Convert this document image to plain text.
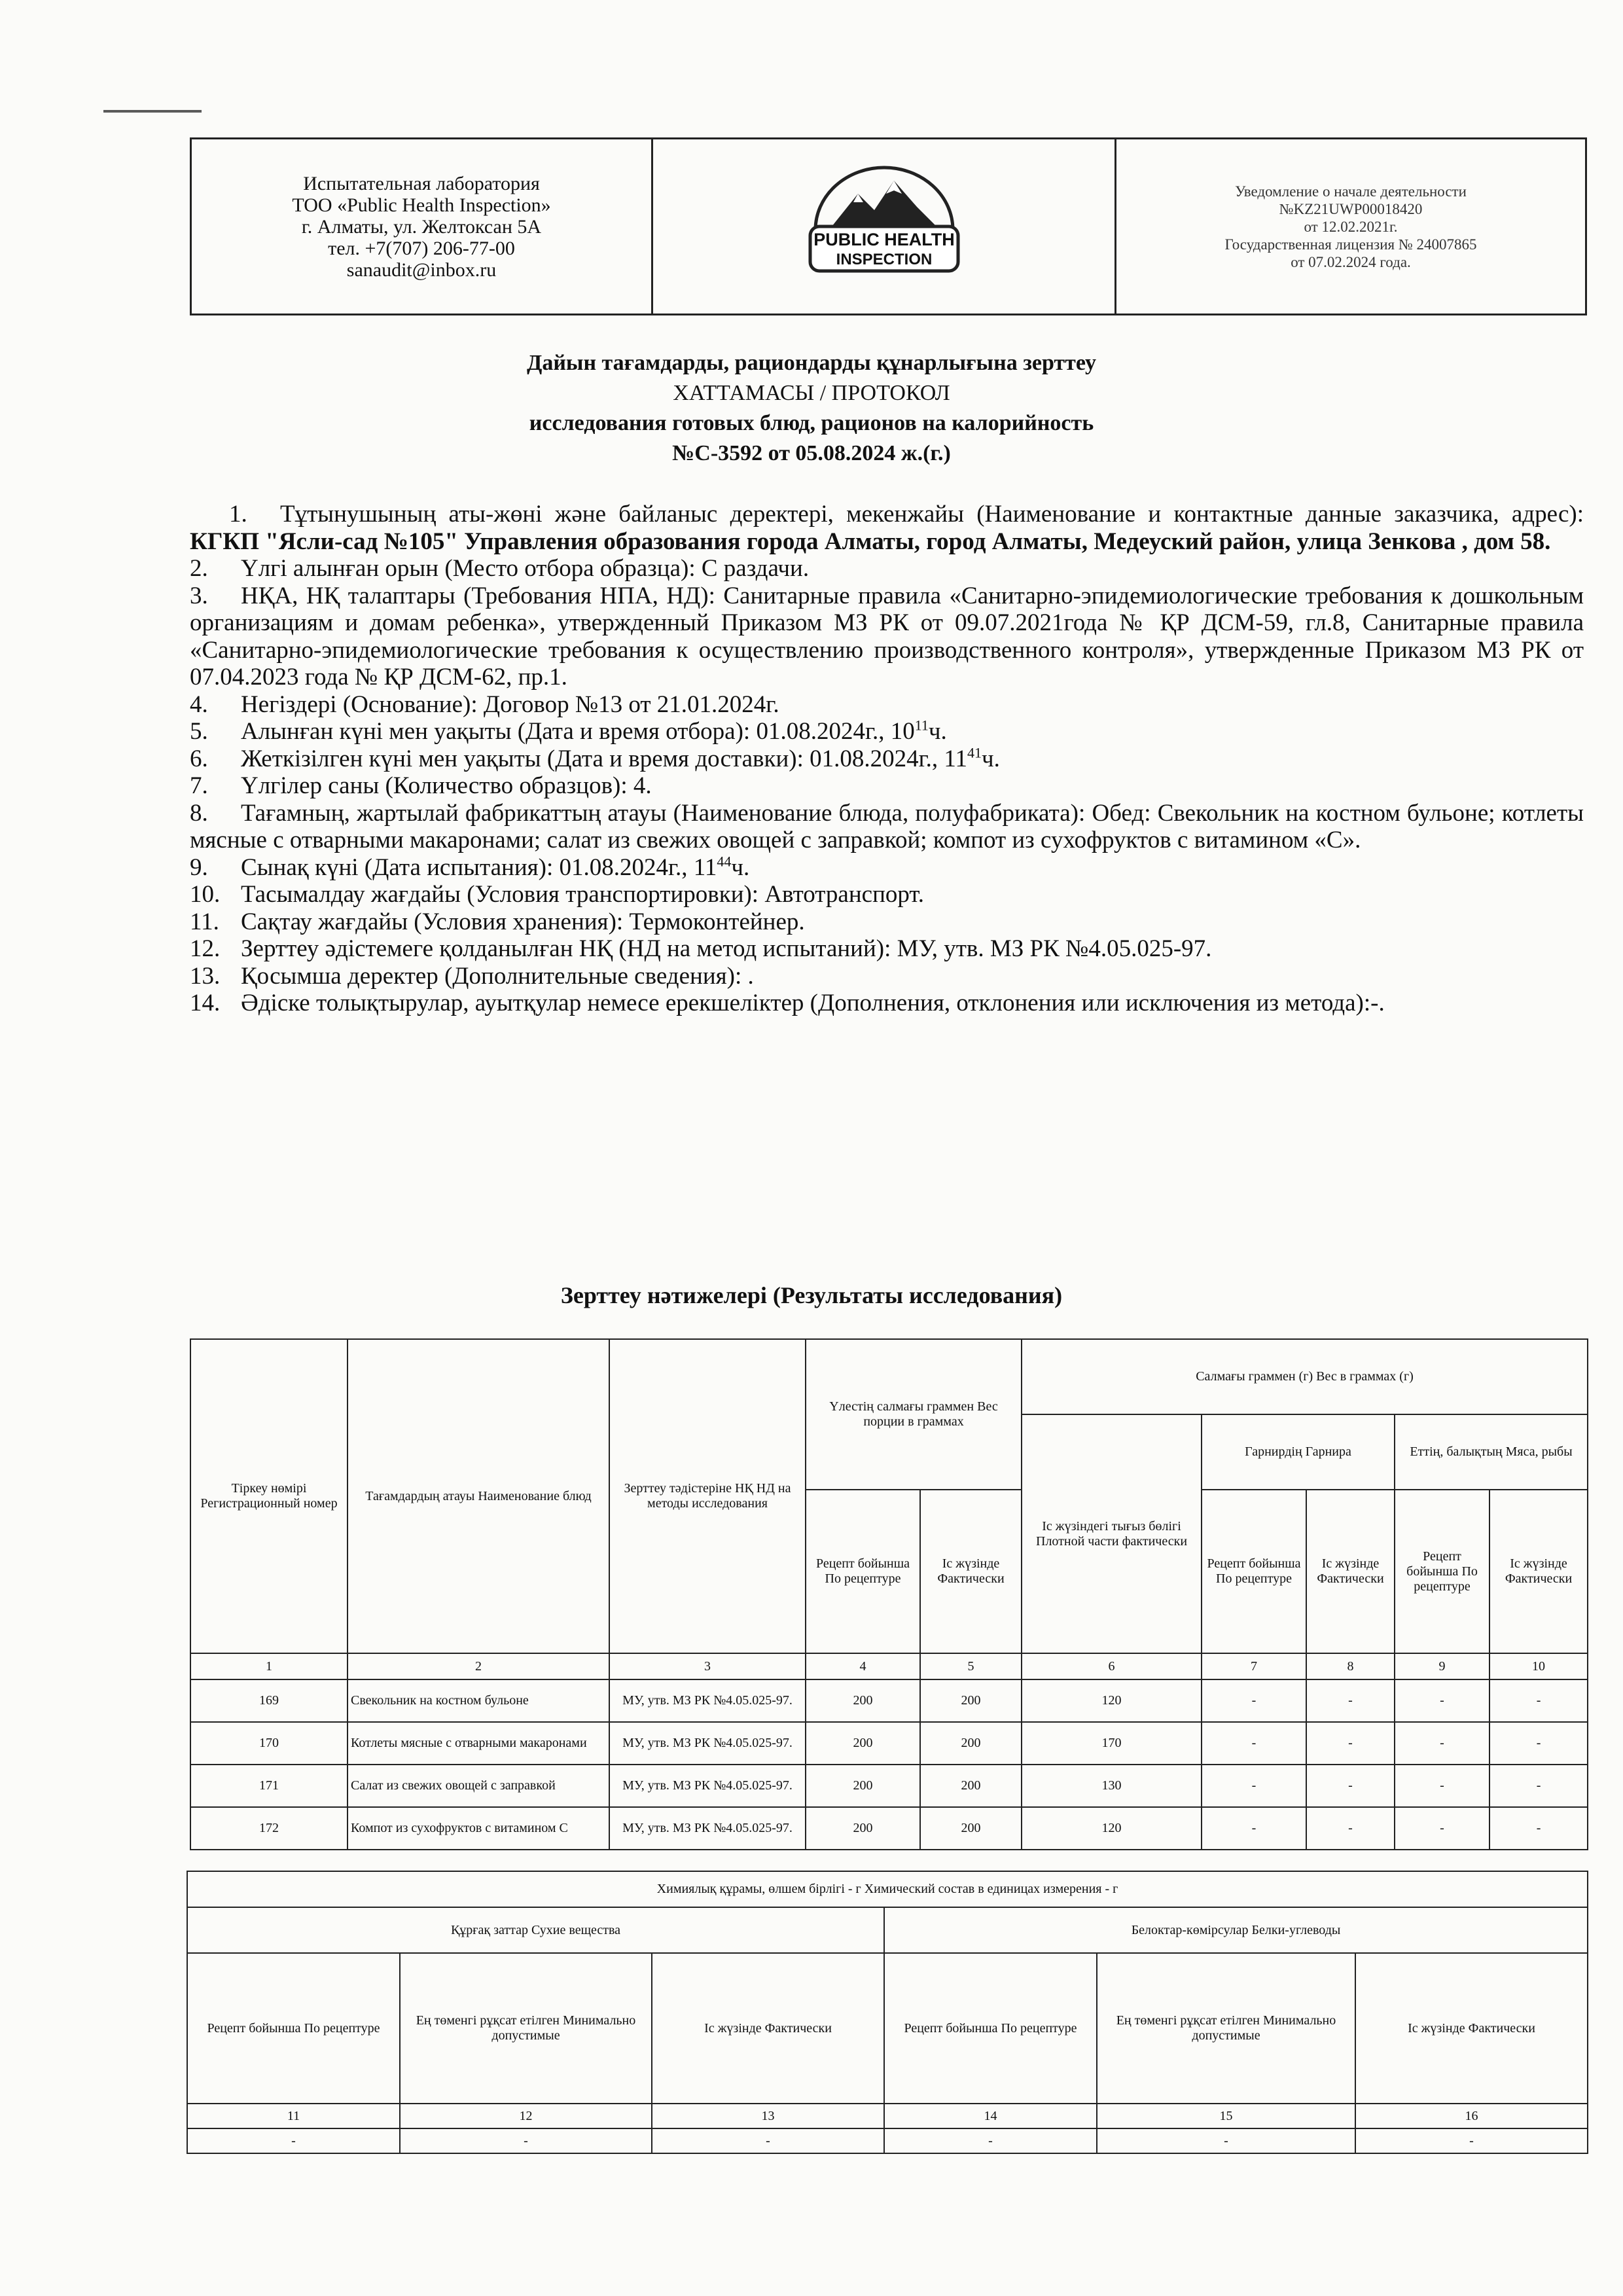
Испытательная лаборатория
ТОО «Public Health Inspection»
г. Алматы, ул. Желтоксан 5А
тел. +7(707) 206-77-00
sanaudit@inbox.ru
PUBLIC HEALTH
INSPECTION
Уведомление о начале деятельности
№KZ21UWP00018420
от 12.02.2021г.
Государственная лицензия № 24007865
от 07.02.2024 года.
Дайын тағамдарды, рациондарды құнарлығына зерттеу
ХАТТАМАСЫ / ПРОТОКОЛ
исследования готовых блюд, рационов на калорийность
№С-3592 от 05.08.2024 ж.(г.)

1. Тұтынушының аты-жөні және байланыс деректері, мекенжайы (Наименование и контактные данные заказчика, адрес): КГКП "Ясли-сад №105" Управления образования города Алматы, город Алматы, Медеуский район, улица Зенкова , дом 58.

2. Үлгі алынған орын (Место отбора образца): С раздачи.

3. НҚА, НҚ талаптары (Требования НПА, НД): Санитарные правила «Санитарно-эпидемиологические требования к дошкольным организациям и домам ребенка», утвержденный Приказом МЗ РК от 09.07.2021года № ҚР ДСМ-59, гл.8, Санитарные правила «Санитарно-эпидемиологические требования к осуществлению производственного контроля», утвержденные Приказом МЗ РК от 07.04.2023 года № ҚР ДСМ-62, пр.1.

4. Негіздері (Основание): Договор №13 от 21.01.2024г.

5. Алынған күні мен уақыты (Дата и время отбора): 01.08.2024г., $10^{11}ч$.

6. Жеткізілген күні мен уақыты (Дата и время доставки): 01.08.2024г., $11^{41}ч$.

7. Үлгілер саны (Количество образцов): 4.

8. Тағамның, жартылай фабрикаттың атауы (Наименование блюда, полуфабриката): Обед: Свекольник на костном бульоне; котлеты мясные с отварными макаронами; салат из свежих овощей с заправкой; компот из сухофруктов с витамином «С».

9. Сынақ күні (Дата испытания): 01.08.2024г., $11^{44}ч$.

10. Тасымалдау жағдайы (Условия транспортировки): Автотранспорт.

11. Сақтау жағдайы (Условия хранения): Термоконтейнер.

12. Зерттеу әдістемеге қолданылған НҚ (НД на метод испытаний): МУ, утв. МЗ РК №4.05.025-97.

13. Қосымша деректер (Дополнительные сведения): .

14. Әдіске толықтырулар, ауытқулар немесе ерекшеліктер (Дополнения, отклонения или исключения из метода):-.

Зерттеу нәтижелері (Результаты исследования)
Тіркеу нөмірі Регистрационный номер	Тағамдардың атауы Наименование блюд	Зерттеу тәдістеріне НҚ НД на методы исследования	Үлестің салмағы граммен Вес порции в граммах		Салмағы граммен (г) Вес в граммах (г)				
					Іс жүзіндегі тығыз бөлігі Плотной части фактически	Гарнирдің Гарнира		Еттің, балықтың Мяса, рыбы	
			Рецепт бойынша По рецептуре	Іс жүзінде Фактически		Рецепт бойынша По рецептуре	Іс жүзінде Фактически	Рецепт бойынша По рецептуре	Іс жүзінде Фактически
1	2	3	4	5	6	7	8	9	10
169	Свекольник на костном бульоне	МУ, утв. МЗ РК №4.05.025-97.	200	200	120	-	-	-	-
170	Котлеты мясные с отварными макаронами	МУ, утв. МЗ РК №4.05.025-97.	200	200	170	-	-	-	-
171	Салат из свежих овощей с заправкой	МУ, утв. МЗ РК №4.05.025-97.	200	200	130	-	-	-	-
172	Компот из сухофруктов с витамином С	МУ, утв. МЗ РК №4.05.025-97.	200	200	120	-	-	-	-
Химиялық құрамы, өлшем бірлігі - г Химический состав в единицах измерения - г					
Құрғақ заттар Сухие вещества			Белоктар-көмірсулар Белки-углеводы		
Рецепт бойынша По рецептуре	Ең төменгі рұқсат етілген Минимально допустимые	Іс жүзінде Фактически	Рецепт бойынша По рецептуре	Ең төменгі рұқсат етілген Минимально допустимые	Іс жүзінде Фактически
11	12	13	14	15	16
-	-	-	-	-	-
